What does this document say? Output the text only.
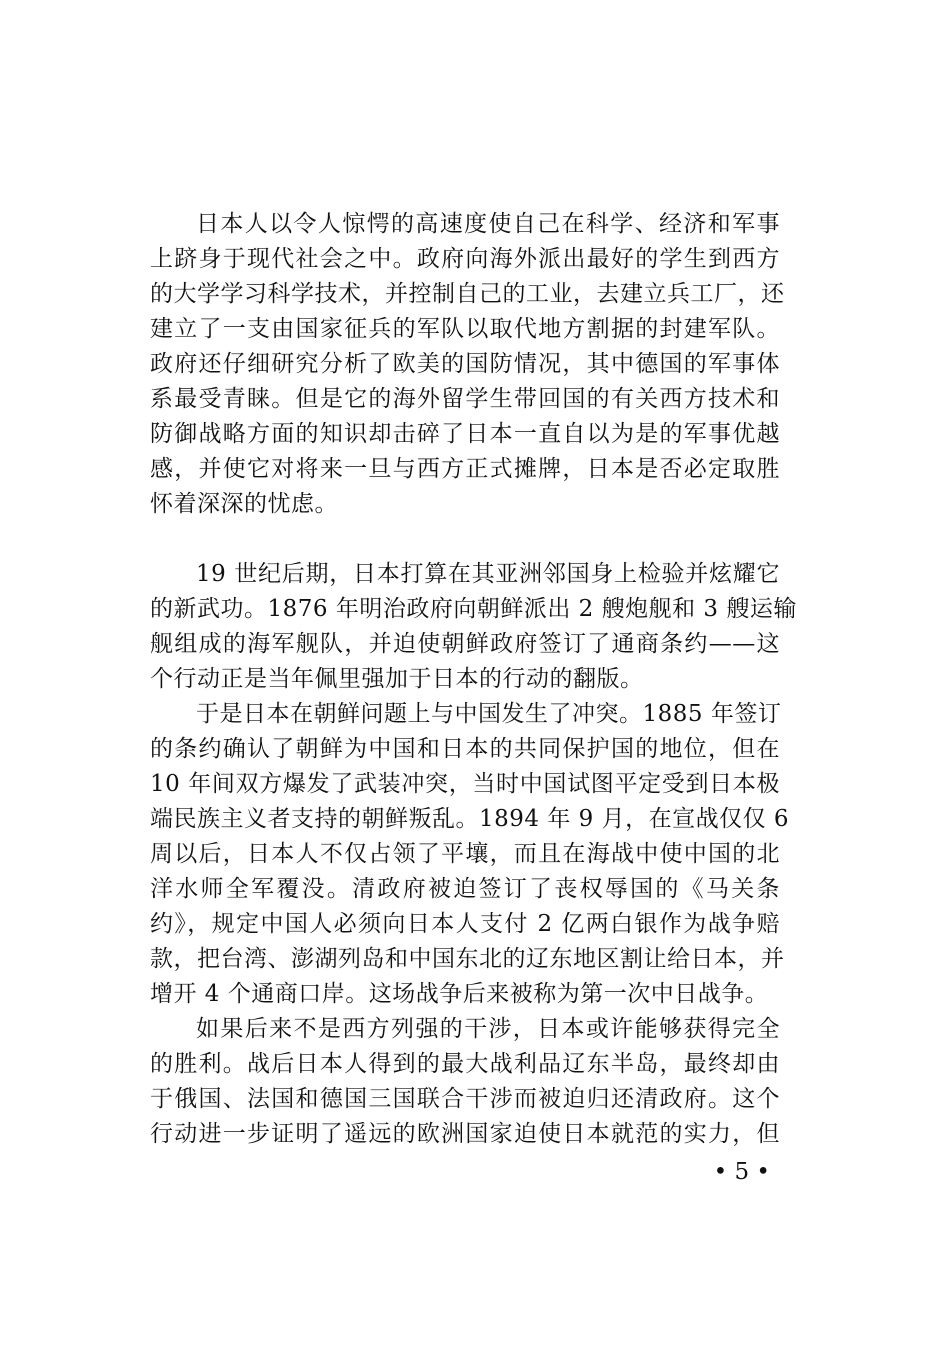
日本人以令人惊愕的高速度使自己在科学、经济和军事
上跻身于现代社会之中。政府向海外派出最好的学生到西方
的大学学习科学技术，并控制自己的工业，去建立兵工厂，还
建立了一支由国家征兵的军队以取代地方割据的封建军队。
政府还仔细研究分析了欧美的国防情况，其中德国的军事体
系最受青睐。但是它的海外留学生带回国的有关西方技术和
防御战略方面的知识却击碎了日本一直自以为是的军事优越
感，并使它对将来一旦与西方正式摊牌，日本是否必定取胜
怀着深深的忧虑。
19 世纪后期，日本打算在其亚洲邻国身上检验并炫耀它
的新武功。1876 年明治政府向朝鲜派出 2 艘炮舰和 3 艘运输
舰组成的海军舰队，并迫使朝鲜政府签订了通商条约——这
个行动正是当年佩里强加于日本的行动的翻版。
于是日本在朝鲜问题上与中国发生了冲突。1885 年签订
的条约确认了朝鲜为中国和日本的共同保护国的地位，但在
10 年间双方爆发了武装冲突，当时中国试图平定受到日本极
端民族主义者支持的朝鲜叛乱。1894 年 9 月，在宣战仅仅 6
周以后，日本人不仅占领了平壤，而且在海战中使中国的北
洋水师全军覆没。清政府被迫签订了丧权辱国的《马关条
约》，规定中国人必须向日本人支付 2 亿两白银作为战争赔
款，把台湾、澎湖列岛和中国东北的辽东地区割让给日本，并
增开 4 个通商口岸。这场战争后来被称为第一次中日战争。
如果后来不是西方列强的干涉，日本或许能够获得完全
的胜利。战后日本人得到的最大战利品辽东半岛，最终却由
于俄国、法国和德国三国联合干涉而被迫归还清政府。这个
行动进一步证明了遥远的欧洲国家迫使日本就范的实力，但
• 5 •
